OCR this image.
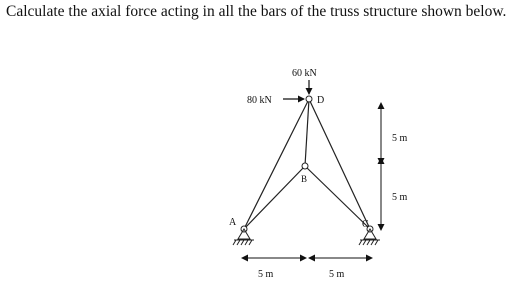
Calculate the axial force acting in all the bars of the truss structure shown below.
60 kN
80 kN	D
B
A	C
5 m
5 m
5 m	5 m
